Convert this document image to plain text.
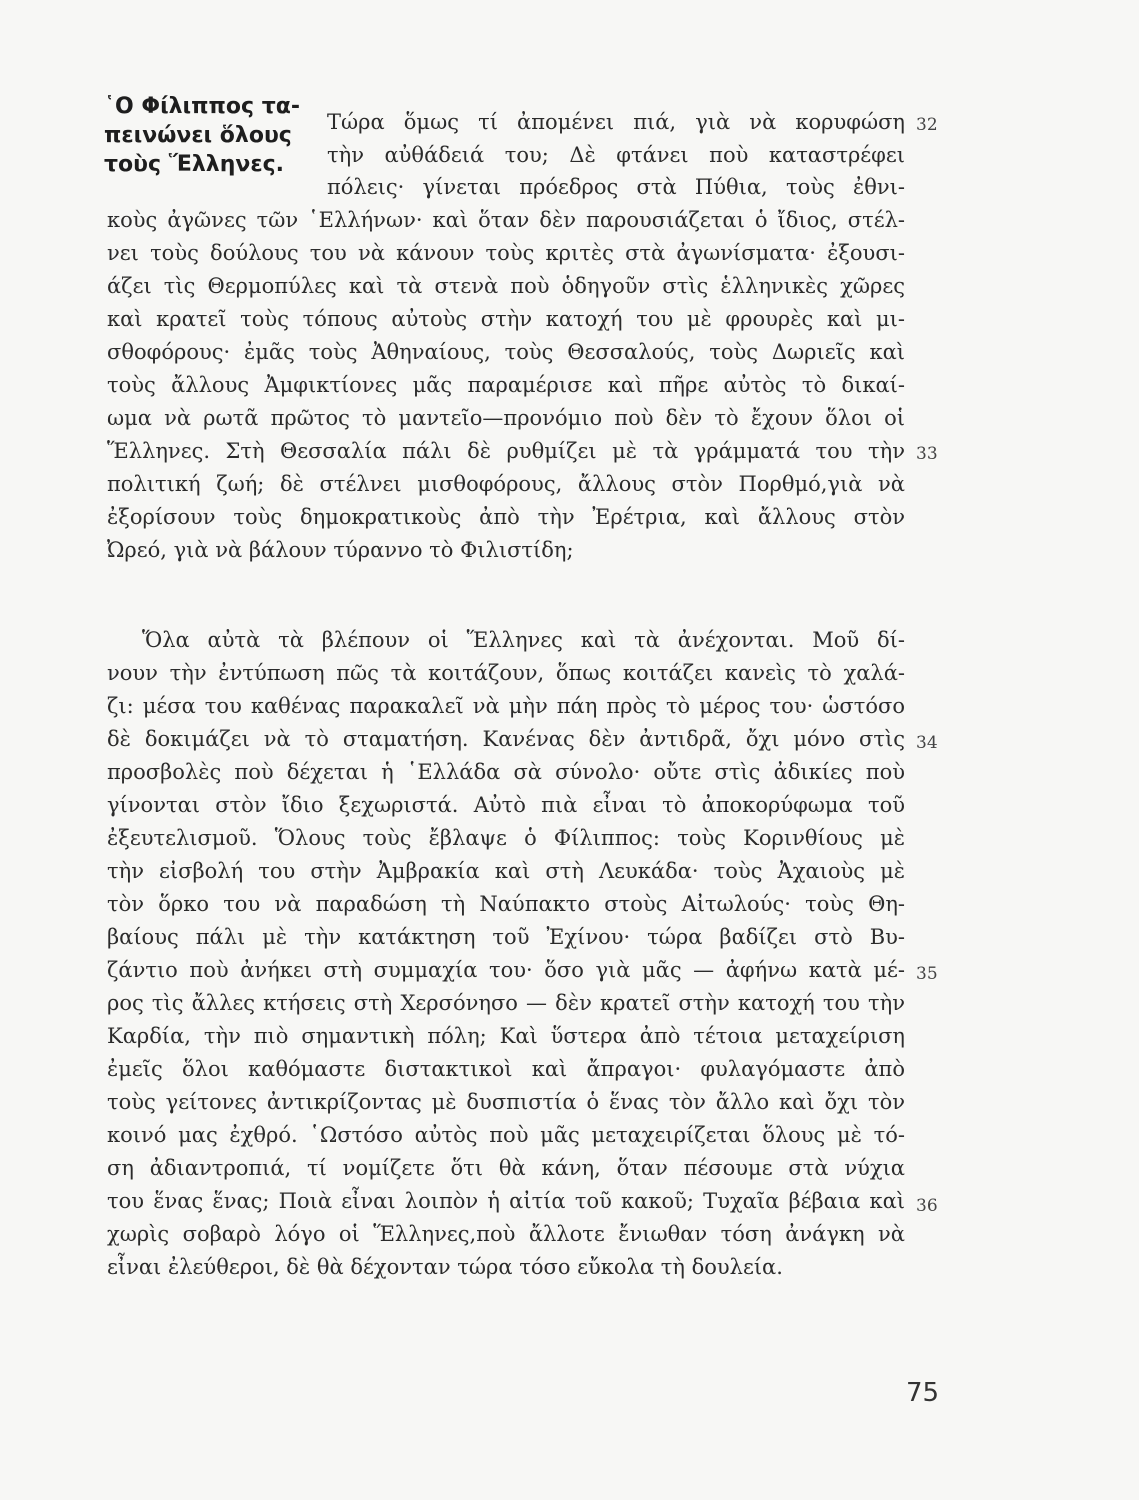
῾Ο Φίλιππος τα-
πεινώνει ὅλους
τοὺς Ἕλληνες.
Τώρα ὅμως τί ἀπομένει πιά, γιὰ νὰ κορυφώση
τὴν αὐθάδειά του; Δὲ φτάνει ποὺ καταστρέφει
πόλεις· γίνεται πρόεδρος στὰ Πύθια, τοὺς ἐθνι-
κοὺς ἀγῶνες τῶν ῾Ελλήνων· καὶ ὅταν δὲν παρουσιάζεται ὁ ἴδιος, στέλ-
νει τοὺς δούλους του νὰ κάνουν τοὺς κριτὲς στὰ ἀγωνίσματα· ἐξουσι-
άζει τὶς Θερμοπύλες καὶ τὰ στενὰ ποὺ ὁδηγοῦν στὶς ἑλληνικὲς χῶρες
καὶ κρατεῖ τοὺς τόπους αὐτοὺς στὴν κατοχή του μὲ φρουρὲς καὶ μι-
σθοφόρους· ἐμᾶς τοὺς Ἀθηναίους, τοὺς Θεσσαλούς, τοὺς Δωριεῖς καὶ
τοὺς ἄλλους Ἀμφικτίονες μᾶς παραμέρισε καὶ πῆρε αὐτὸς τὸ δικαί-
ωμα νὰ ρωτᾶ πρῶτος τὸ μαντεῖο—προνόμιο ποὺ δὲν τὸ ἔχουν ὅλοι οἱ
Ἕλληνες. Στὴ Θεσσαλία πάλι δὲ ρυθμίζει μὲ τὰ γράμματά του τὴν
πολιτική ζωή; δὲ στέλνει μισθοφόρους, ἄλλους στὸν Πορθμό,γιὰ νὰ
ἐξορίσουν τοὺς δημοκρατικοὺς ἀπὸ τὴν Ἐρέτρια, καὶ ἄλλους στὸν
Ὠρεό, γιὰ νὰ βάλουν τύραννο τὸ Φιλιστίδη;
Ὅλα αὐτὰ τὰ βλέπουν οἱ Ἕλληνες καὶ τὰ ἀνέχονται. Μοῦ δί-
νουν τὴν ἐντύπωση πῶς τὰ κοιτάζουν, ὅπως κοιτάζει κανεὶς τὸ χαλά-
ζι: μέσα του καθένας παρακαλεῖ νὰ μὴν πάη πρὸς τὸ μέρος του· ὡστόσο
δὲ δοκιμάζει νὰ τὸ σταματήση. Κανένας δὲν ἀντιδρᾶ, ὄχι μόνο στὶς
προσβολὲς ποὺ δέχεται ἡ ῾Ελλάδα σὰ σύνολο· οὔτε στὶς ἀδικίες ποὺ
γίνονται στὸν ἴδιο ξεχωριστά. Αὐτὸ πιὰ εἶναι τὸ ἀποκορύφωμα τοῦ
ἐξευτελισμοῦ. Ὅλους τοὺς ἔβλαψε ὁ Φίλιππος: τοὺς Κορινθίους μὲ
τὴν εἰσβολή του στὴν Ἀμβρακία καὶ στὴ Λευκάδα· τοὺς Ἀχαιοὺς μὲ
τὸν ὅρκο του νὰ παραδώση τὴ Ναύπακτο στοὺς Αἰτωλούς· τοὺς Θη-
βαίους πάλι μὲ τὴν κατάκτηση τοῦ Ἐχίνου· τώρα βαδίζει στὸ Βυ-
ζάντιο ποὺ ἀνήκει στὴ συμμαχία του· ὅσο γιὰ μᾶς — ἀφήνω κατὰ μέ-
ρος τὶς ἄλλες κτήσεις στὴ Χερσόνησο — δὲν κρατεῖ στὴν κατοχή του τὴν
Καρδία, τὴν πιὸ σημαντικὴ πόλη; Καὶ ὕστερα ἀπὸ τέτοια μεταχείριση
ἐμεῖς ὅλοι καθόμαστε διστακτικοὶ καὶ ἄπραγοι· φυλαγόμαστε ἀπὸ
τοὺς γείτονες ἀντικρίζοντας μὲ δυσπιστία ὁ ἕνας τὸν ἄλλο καὶ ὄχι τὸν
κοινό μας ἐχθρό. ῾Ωστόσο αὐτὸς ποὺ μᾶς μεταχειρίζεται ὅλους μὲ τό-
ση ἀδιαντροπιά, τί νομίζετε ὅτι θὰ κάνη, ὅταν πέσουμε στὰ νύχια
του ἕνας ἕνας; Ποιὰ εἶναι λοιπὸν ἡ αἰτία τοῦ κακοῦ; Τυχαῖα βέβαια καὶ
χωρὶς σοβαρὸ λόγο οἱ Ἕλληνες,ποὺ ἄλλοτε ἔνιωθαν τόση ἀνάγκη νὰ
εἶναι ἐλεύθεροι, δὲ θὰ δέχονταν τώρα τόσο εὔκολα τὴ δουλεία.
32
33
34
35
36
75
